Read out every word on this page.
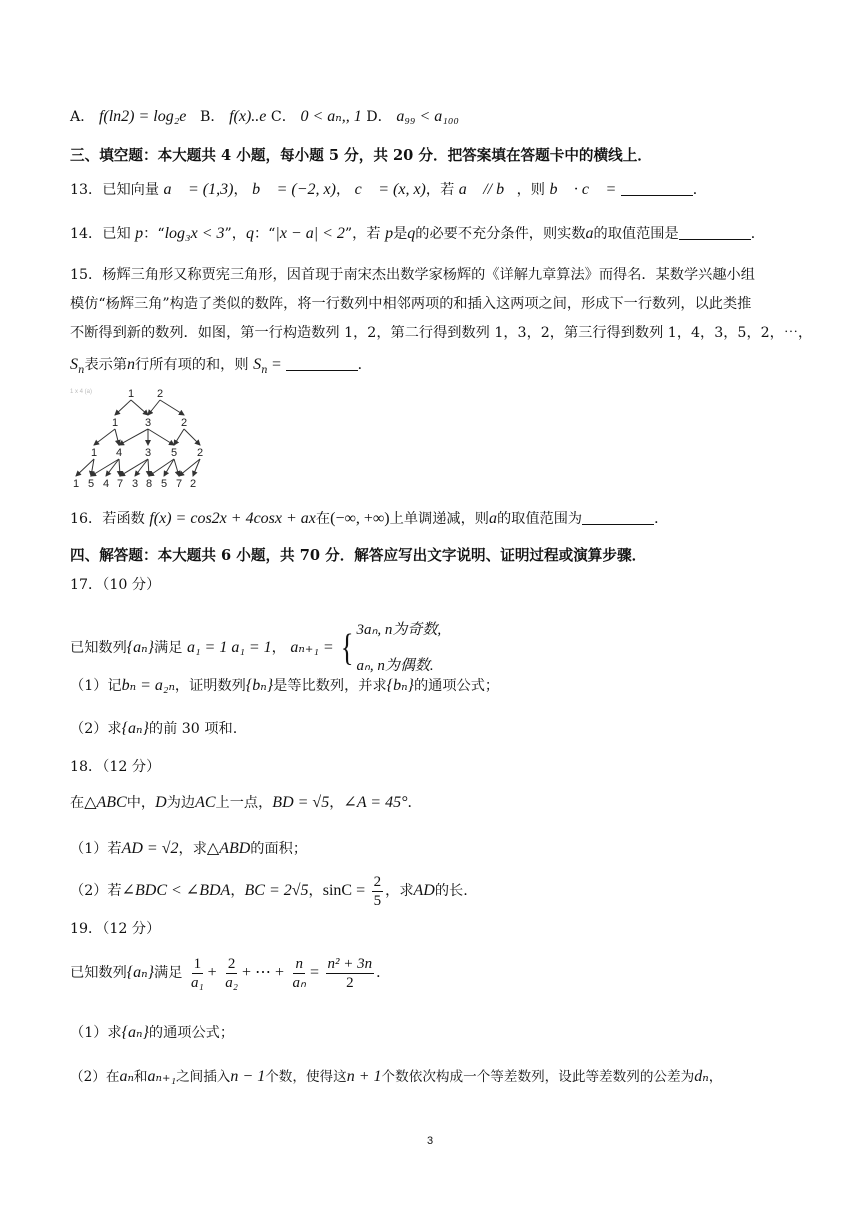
A． f(ln2) = log₂e B． f(x)..e C． 0 < aₙ,, 1 D． a₉₉ < a₁₀₀
三、填空题：本大题共 4 小题，每小题 5 分，共 20 分．把答案填在答题卡中的横线上．
13．已知向量 a⃗ = (1,3)， b⃗ = (−2, x)， c⃗ = (x, x)，若 a⃗ // b⃗，则 b⃗ · c⃗ =	．
14．已知 p：“log₃x < 3”，q：“|x − a| < 2”，若 p是q的必要不充分条件，则实数a的取值范围是	．
15．杨辉三角形又称贾宪三角形，因首现于南宋杰出数学家杨辉的《详解九章算法》而得名．某数学兴趣小组
模仿“杨辉三角”构造了类似的数阵，将一行数列中相邻两项的和插入这两项之间，形成下一行数列，以此类推
不断得到新的数列．如图，第一行构造数列 1，2，第二行得到数列 1，3，2，第三行得到数列 1，4，3，5，2，⋯，
$S_n$表示第n行所有项的和，则 $S_n$ =	．
1 2
1 3	2
1 4 3 5 2
1 5 4 7 3 8 5 7 2
1 x 4 (a)
16．若函数 f(x) = cos2x + 4cosx + ax在(−∞, +∞)上单调递减，则a的取值范围为	．
四、解答题：本大题共 6 小题，共 70 分．解答应写出文字说明、证明过程或演算步骤．
17．（10 分）
已知数列{aₙ}满足 a₁ = 1 a₁ = 1， aₙ₊₁ = { 3aₙ, n为奇数,
aₙ, n为偶数.
（1）记bₙ = a₂ₙ，证明数列{bₙ}是等比数列，并求{bₙ}的通项公式；
（2）求{aₙ}的前 30 项和.
18．（12 分）
在△ABC中，D为边AC上一点，BD = √5，∠A = 45°．
（1）若AD = √2，求△ABD的面积；
（2）若∠BDC < ∠BDA，BC = 2√5，$\sin C = \frac{2}{5}$ ，求AD的长.
19．（12 分）
已知数列{aₙ}满足 $\frac{1}{\text{a₁}} + \frac{2}{\text{a₂}}$ + ⋯ + $\frac{n}{\text{aₙ}} = \frac{\text{n² + 3n}}{2}$ ．
（1）求{aₙ}的通项公式；
（2）在aₙ和aₙ₊₁之间插入n − 1个数，使得这n + 1个数依次构成一个等差数列，设此等差数列的公差为dₙ，
3
